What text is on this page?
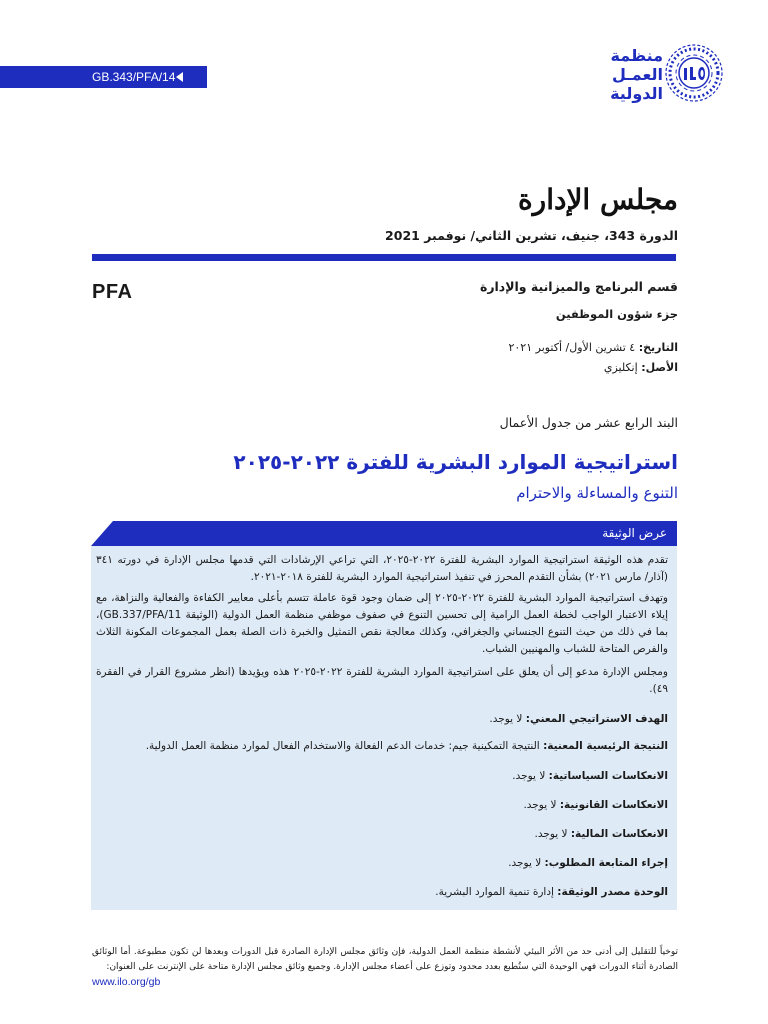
GB.343/PFA/14
منظمة
العمـل
الدولية
مجلس الإدارة
الدورة 343، جنيف، تشرين الثاني/ نوفمبر 2021
PFA	قسم البرنامج والميزانية والإدارة
جزء شؤون الموظفين
التاريخ: ٤ تشرين الأول/ أكتوبر ٢٠٢١
الأصل: إنكليزي
البند الرابع عشر من جدول الأعمال
استراتيجية الموارد البشرية للفترة ٢٠٢٢-٢٠٢٥
التنوع والمساءلة والاحترام
عرض الوثيقة
تقدم هذه الوثيقة استراتيجية الموارد البشرية للفترة ٢٠٢٢-٢٠٢٥، التي تراعي الإرشادات التي قدمها مجلس الإدارة في دورته ٣٤١ (آذار/ مارس ٢٠٢١) بشأن التقدم المحرز في تنفيذ استراتيجية الموارد البشرية للفترة ٢٠١٨-٢٠٢١.
وتهدف استراتيجية الموارد البشرية للفترة ٢٠٢٢-٢٠٢٥ إلى ضمان وجود قوة عاملة تتسم بأعلى معايير الكفاءة والفعالية والنزاهة، مع إيلاء الاعتبار الواجب لخطة العمل الرامية إلى تحسين التنوع في صفوف موظفي منظمة العمل الدولية (الوثيقة GB.337/PFA/11)، بما في ذلك من حيث التنوع الجنساني والجغرافي، وكذلك معالجة نقص التمثيل والخبرة ذات الصلة بعمل المجموعات المكونة الثلاث والفرص المتاحة للشباب والمهنيين الشباب.
ومجلس الإدارة مدعو إلى أن يعلق على استراتيجية الموارد البشرية للفترة ٢٠٢٢-٢٠٢٥ هذه ويؤيدها (انظر مشروع القرار في الفقرة ٤٩).
الهدف الاستراتيجي المعني: لا يوجد.
النتيجة الرئيسية المعنية: النتيجة التمكينية جيم: خدمات الدعم الفعالة والاستخدام الفعال لموارد منظمة العمل الدولية.
الانعكاسات السياساتية: لا يوجد.
الانعكاسات القانونية: لا يوجد.
الانعكاسات المالية: لا يوجد.
إجراء المتابعة المطلوب: لا يوجد.
الوحدة مصدر الوثيقة: إدارة تنمية الموارد البشرية.
توخياً للتقليل إلى أدنى حد من الأثر البيئي لأنشطة منظمة العمل الدولية، فإن وثائق مجلس الإدارة الصادرة قبل الدورات وبعدها لن تكون مطبوعة. أما الوثائق الصادرة أثناء الدورات فهي الوحيدة التي ستُطبع بعدد محدود وتوزع على أعضاء مجلس الإدارة. وجميع وثائق مجلس الإدارة متاحة على الإنترنت على العنوان:
www.ilo.org/gb
